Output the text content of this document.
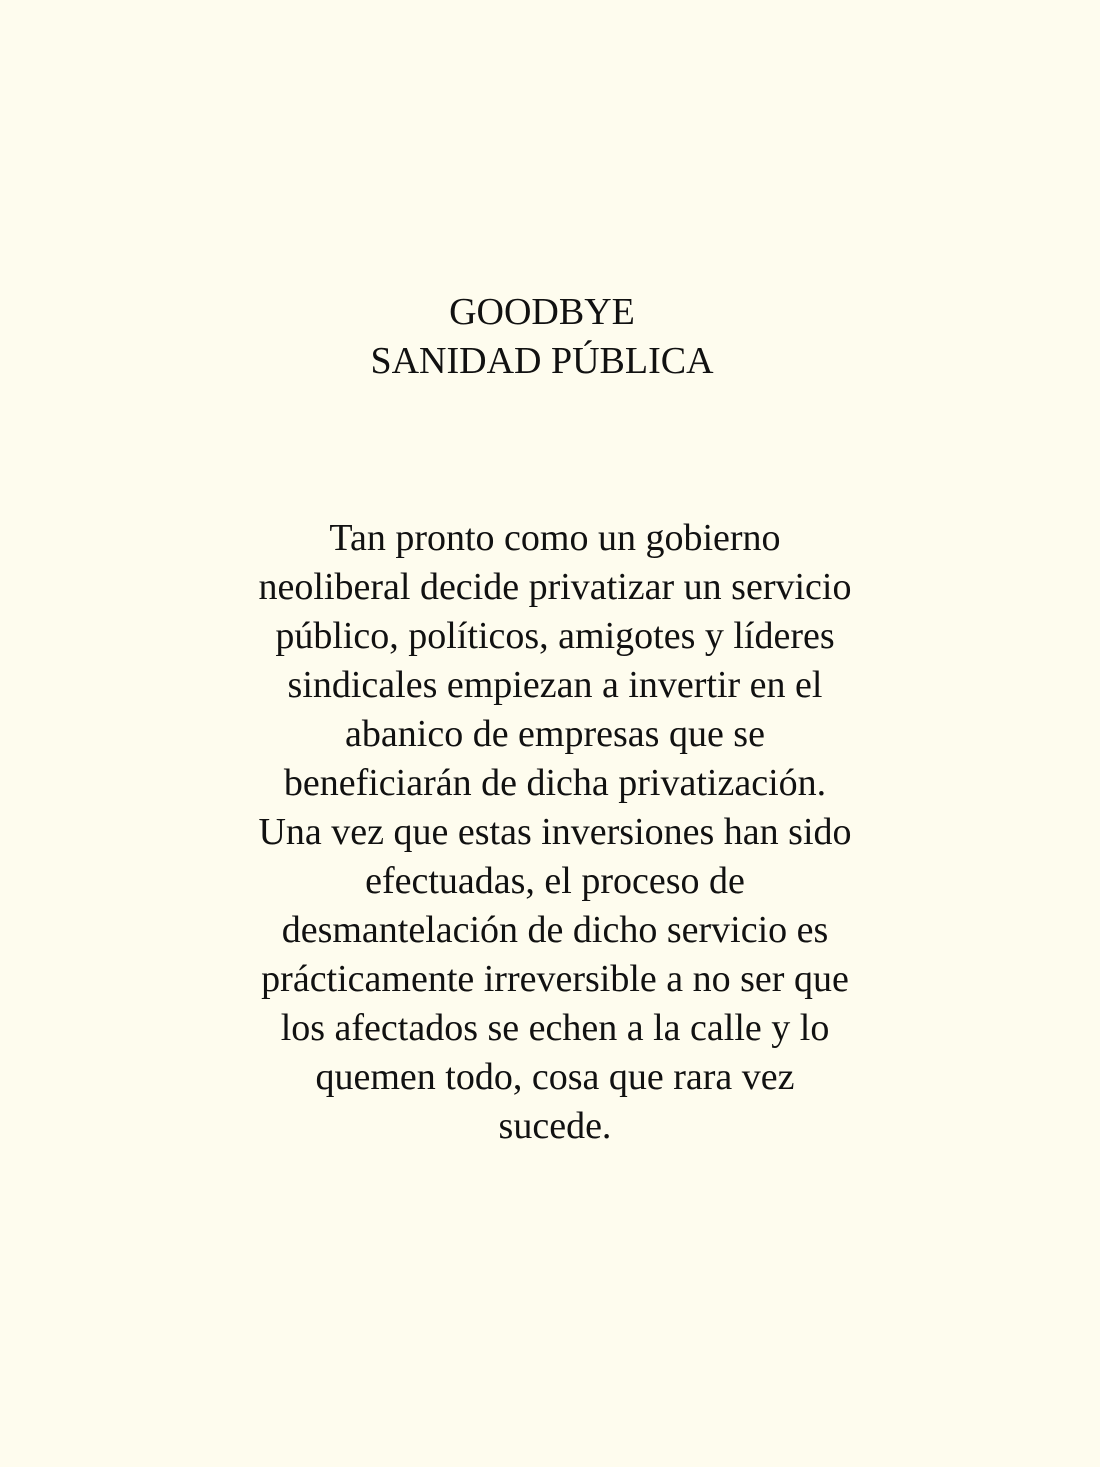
GOODBYE
SANIDAD PÚBLICA
Tan pronto como un gobierno
neoliberal decide privatizar un servicio
público, políticos, amigotes y líderes
sindicales empiezan a invertir en el
abanico de empresas que se
beneficiarán de dicha privatización.
Una vez que estas inversiones han sido
efectuadas, el proceso de
desmantelación de dicho servicio es
prácticamente irreversible a no ser que
los afectados se echen a la calle y lo
quemen todo, cosa que rara vez
sucede.
